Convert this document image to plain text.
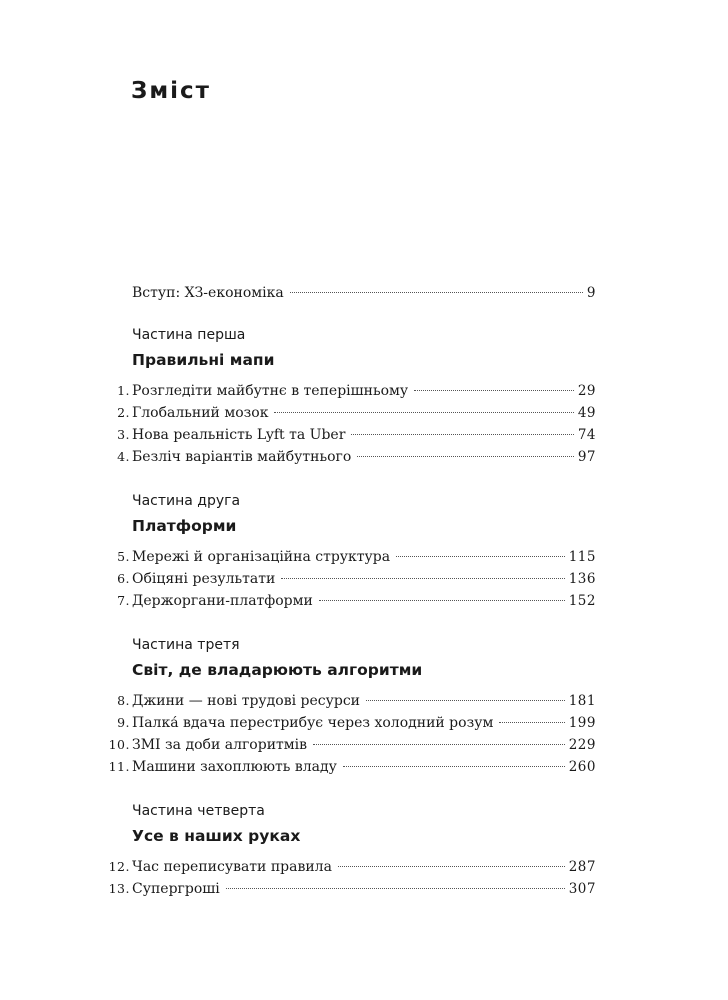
Зміст
Вступ: ХЗ-економіка	9
Частина перша
Правильні мапи
1. Розгледіти майбутнє в теперішньому	29
2. Глобальний мозок	49
3. Нова реальність Lyft та Uber	74
4. Безліч варіантів майбутнього	97
Частина друга
Платформи
5. Мережі й організаційна структура	115
6. Обіцяні результати	136
7. Держоргани-платформи	152
Частина третя
Світ, де владарюють алгоритми
8. Джини — нові трудові ресурси	181
9. Палка́ вдача перестрибує через холодний розум	199
10. ЗМІ за доби алгоритмів	229
11. Машини захоплюють владу	260
Частина четверта
Усе в наших руках
12. Час переписувати правила	287
13. Супергроші	307
